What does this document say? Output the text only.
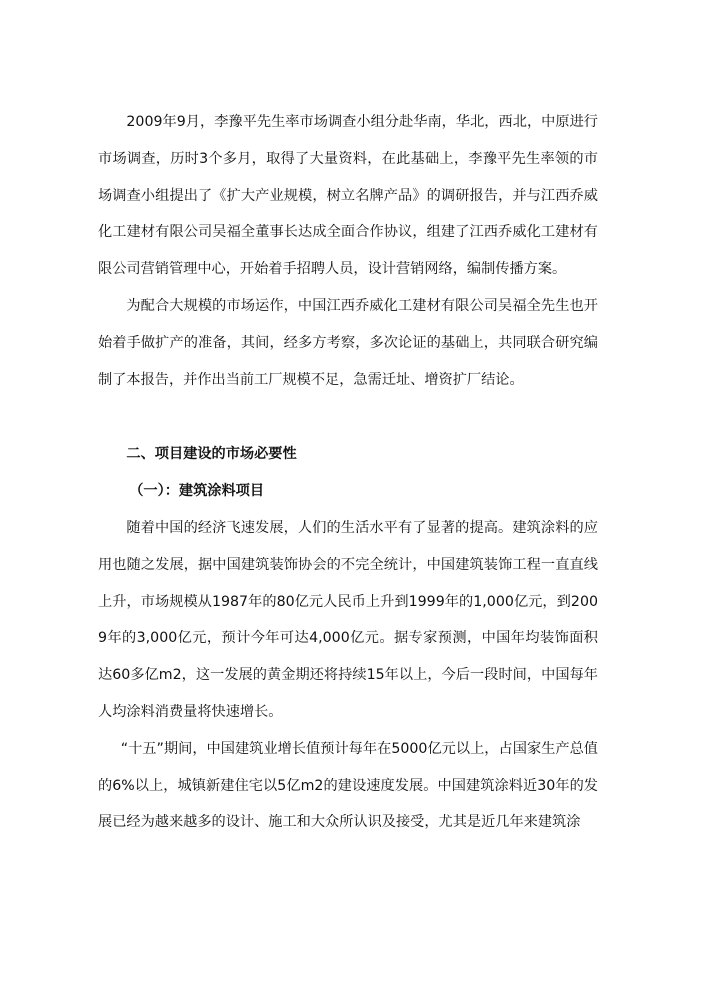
2009年9月，李豫平先生率市场调查小组分赴华南，华北，西北，中原进行市场调查，历时3个多月，取得了大量资料，在此基础上，李豫平先生率领的市场调查小组提出了《扩大产业规模，树立名牌产品》的调研报告，并与江西乔威化工建材有限公司吴福全董事长达成全面合作协议，组建了江西乔威化工建材有限公司营销管理中心，开始着手招聘人员，设计营销网络，编制传播方案。

为配合大规模的市场运作，中国江西乔威化工建材有限公司吴福全先生也开始着手做扩产的准备，其间，经多方考察，多次论证的基础上，共同联合研究编制了本报告，并作出当前工厂规模不足，急需迁址、增资扩厂结论。

二、项目建设的市场必要性

（一）：建筑涂料项目

随着中国的经济飞速发展，人们的生活水平有了显著的提高。建筑涂料的应用也随之发展，据中国建筑装饰协会的不完全统计，中国建筑装饰工程一直直线上升，市场规模从1987年的80亿元人民币上升到1999年的1,000亿元，到2009年的3,000亿元，预计今年可达4,000亿元。据专家预测，中国年均装饰面积达60多亿m2，这一发展的黄金期还将持续15年以上，今后一段时间，中国每年人均涂料消费量将快速增长。

“十五”期间，中国建筑业增长值预计每年在5000亿元以上，占国家生产总值的6%以上，城镇新建住宅以5亿m2的建设速度发展。中国建筑涂料近30年的发展已经为越来越多的设计、施工和大众所认识及接受，尤其是近几年来建筑涂
